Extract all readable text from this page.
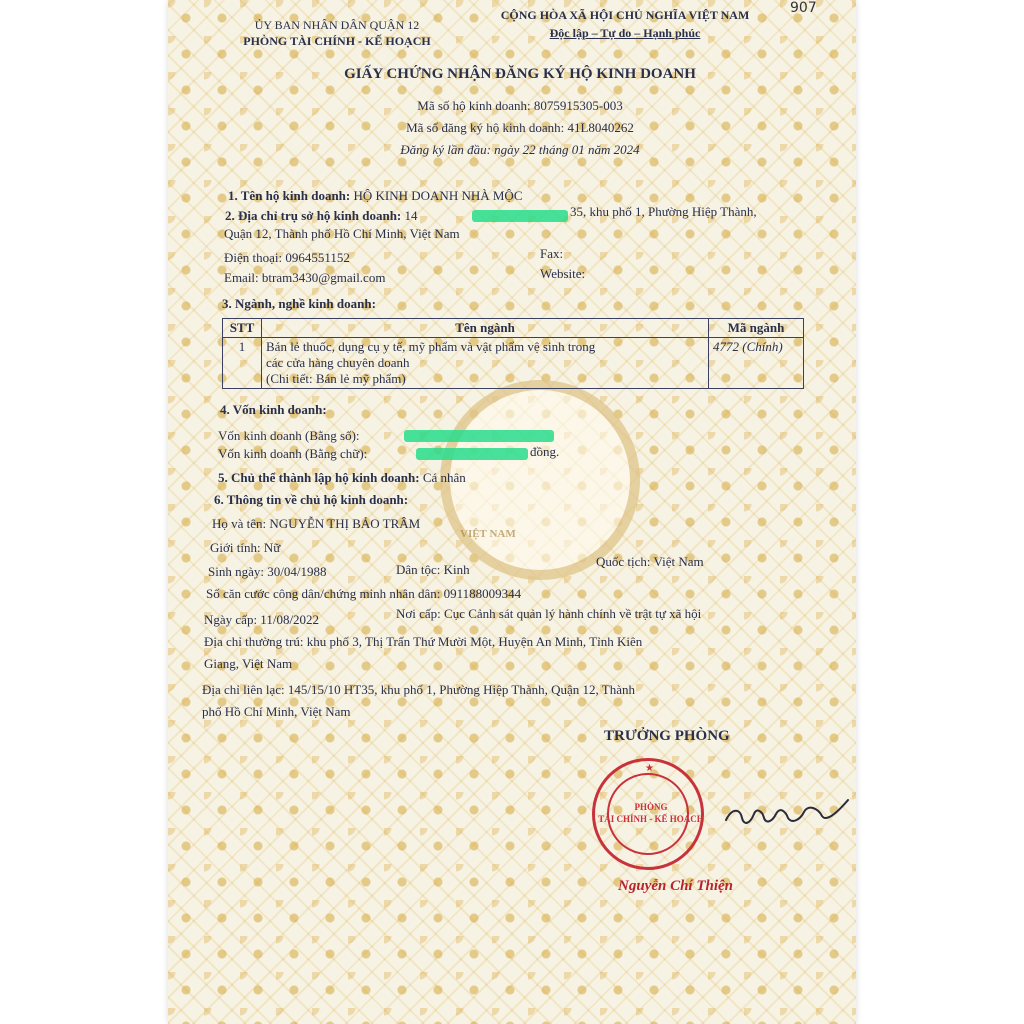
VIỆT NAM
907
ỦY BAN NHÂN DÂN QUẬN 12
PHÒNG TÀI CHÍNH - KẾ HOẠCH
CỘNG HÒA XÃ HỘI CHỦ NGHĨA VIỆT NAM
Độc lập – Tự do – Hạnh phúc
GIẤY CHỨNG NHẬN ĐĂNG KÝ HỘ KINH DOANH
Mã số hộ kinh doanh: 8075915305-003
Mã số đăng ký hộ kinh doanh: 41L8040262
Đăng ký lần đầu: ngày 22 tháng 01 năm 2024
1. Tên hộ kinh doanh: HỘ KINH DOANH NHÀ MỘC
2. Địa chỉ trụ sở hộ kinh doanh: 14	35, khu phố 1, Phường Hiệp Thành,
Quận 12, Thành phố Hồ Chí Minh, Việt Nam
Điện thoại: 0964551152	Fax:
Email: btram3430@gmail.com	Website:
3. Ngành, nghề kinh doanh:
STT	Tên ngành	Mã ngành
1	Bán lẻ thuốc, dụng cụ y tế, mỹ phẩm và vật phẩm vệ sinh trong
các cửa hàng chuyên doanh
(Chi tiết: Bán lẻ mỹ phẩm)	4772 (Chính)
4. Vốn kinh doanh:
Vốn kinh doanh (Bằng số):
Vốn kinh doanh (Bằng chữ):	đồng.
5. Chủ thể thành lập hộ kinh doanh: Cá nhân
6. Thông tin về chủ hộ kinh doanh:
Họ và tên: NGUYỄN THỊ BẢO TRÂM
Giới tính: Nữ
Sinh ngày: 30/04/1988	Dân tộc: Kinh
Quốc tịch: Việt Nam
Số căn cước công dân/chứng minh nhân dân: 091188009344
Ngày cấp: 11/08/2022	Nơi cấp: Cục Cảnh sát quản lý hành chính về trật tự xã hội
Địa chỉ thường trú: khu phố 3, Thị Trấn Thứ Mười Một, Huyện An Minh, Tỉnh Kiên
Giang, Việt Nam
Địa chỉ liên lạc: 145/15/10 HT35, khu phố 1, Phường Hiệp Thành, Quận 12, Thành
phố Hồ Chí Minh, Việt Nam
TRƯỞNG PHÒNG
★
PHÒNG
TÀI CHÍNH - KẾ HOẠCH
Nguyễn Chí Thiện
